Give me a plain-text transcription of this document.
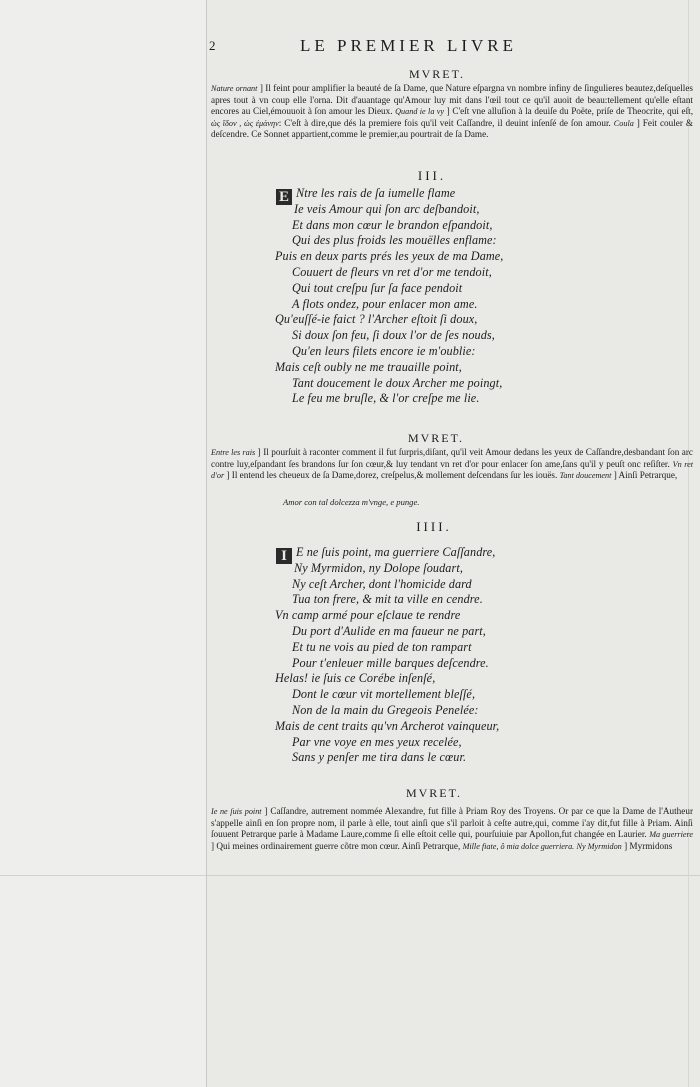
2	LE PREMIER LIVRE
MVRET.

Nature ornant ] Il feint pour amplifier la beauté de ſa Dame, que Nature eſpargna vn nombre infiny de ſingulieres beautez,deſquelles apres tout à vn coup elle l'orna. Dit d'auantage qu'Amour luy mit dans l'œil tout ce qu'il auoit de beau:tellement qu'elle eſtant encores au Ciel,émouuoit à ſon amour les Dieux. Quand ie la vy ] C'eſt vne alluſion à la deuiſe du Poëte, priſe de Theocrite, qui eſt, ὡς ἴδον , ὡς ἐμάνην: C'eſt à dire,que dés la premiere fois qu'il veit Caſſandre, il deuint inſenſé de ſon amour. Coula ] Feit couler & deſcendre. Ce Sonnet appartient,comme le premier,au pourtrait de ſa Dame.

III.
E Ntre les rais de ſa iumelle flame
Ie veis Amour qui ſon arc deſbandoit,
Et dans mon cœur le brandon eſpandoit,
Qui des plus froids les mouëlles enflame:
Puis en deux parts prés les yeux de ma Dame,
Couuert de fleurs vn ret d'or me tendoit,
Qui tout creſpu ſur ſa face pendoit
A flots ondez, pour enlacer mon ame.
Qu'euſſé-ie faict ? l'Archer eſtoit ſi doux,
Si doux ſon feu, ſi doux l'or de ſes nouds,
Qu'en leurs filets encore ie m'oublie:
Mais ceſt oubly ne me trauaille point,
Tant doucement le doux Archer me poingt,
Le feu me bruſle, & l'or creſpe me lie.
MVRET.

Entre les rais ] Il pourſuit à raconter comment il fut ſurpris,diſant, qu'il veit Amour dedans les yeux de Caſſandre,desbandant ſon arc contre luy,eſpandant ſes brandons ſur ſon cœur,& luy tendant vn ret d'or pour enlacer ſon ame,ſans qu'il y peuſt onc reſiſter. Vn ret d'or ] Il entend les cheueux de ſa Dame,dorez, creſpelus,& mollement deſcendans ſur les iouës. Tant doucement ] Ainſi Petrarque,

Amor con tal dolcezza m'vnge, e punge.
IIII.
I E ne ſuis point, ma guerriere Caſſandre,
Ny Myrmidon, ny Dolope ſoudart,
Ny ceſt Archer, dont l'homicide dard
Tua ton frere, & mit ta ville en cendre.
Vn camp armé pour eſclaue te rendre
Du port d'Aulide en ma faueur ne part,
Et tu ne vois au pied de ton rampart
Pour t'enleuer mille barques deſcendre.
Helas! ie ſuis ce Corébe inſenſé,
Dont le cœur vit mortellement bleſſé,
Non de la main du Gregeois Penelée:
Mais de cent traits qu'vn Archerot vainqueur,
Par vne voye en mes yeux recelée,
Sans y penſer me tira dans le cœur.
MVRET.

Ie ne ſuis point ] Caſſandre, autrement nommée Alexandre, fut fille à Priam Roy des Troyens. Or par ce que la Dame de l'Autheur s'appelle ainſi en ſon propre nom, il parle à elle, tout ainſi que s'il parloit à ceſte autre,qui, comme i'ay dit,fut fille à Priam. Ainſi ſouuent Petrarque parle à Madame Laure,comme ſi elle eſtoit celle qui, pourſuiuie par Apollon,fut changée en Laurier. Ma guerriere ] Qui meines ordinairement guerre cõtre mon cœur. Ainſi Petrarque, Mille fiate, ô mia dolce guerriera. Ny Myrmidon ] Myrmidons
